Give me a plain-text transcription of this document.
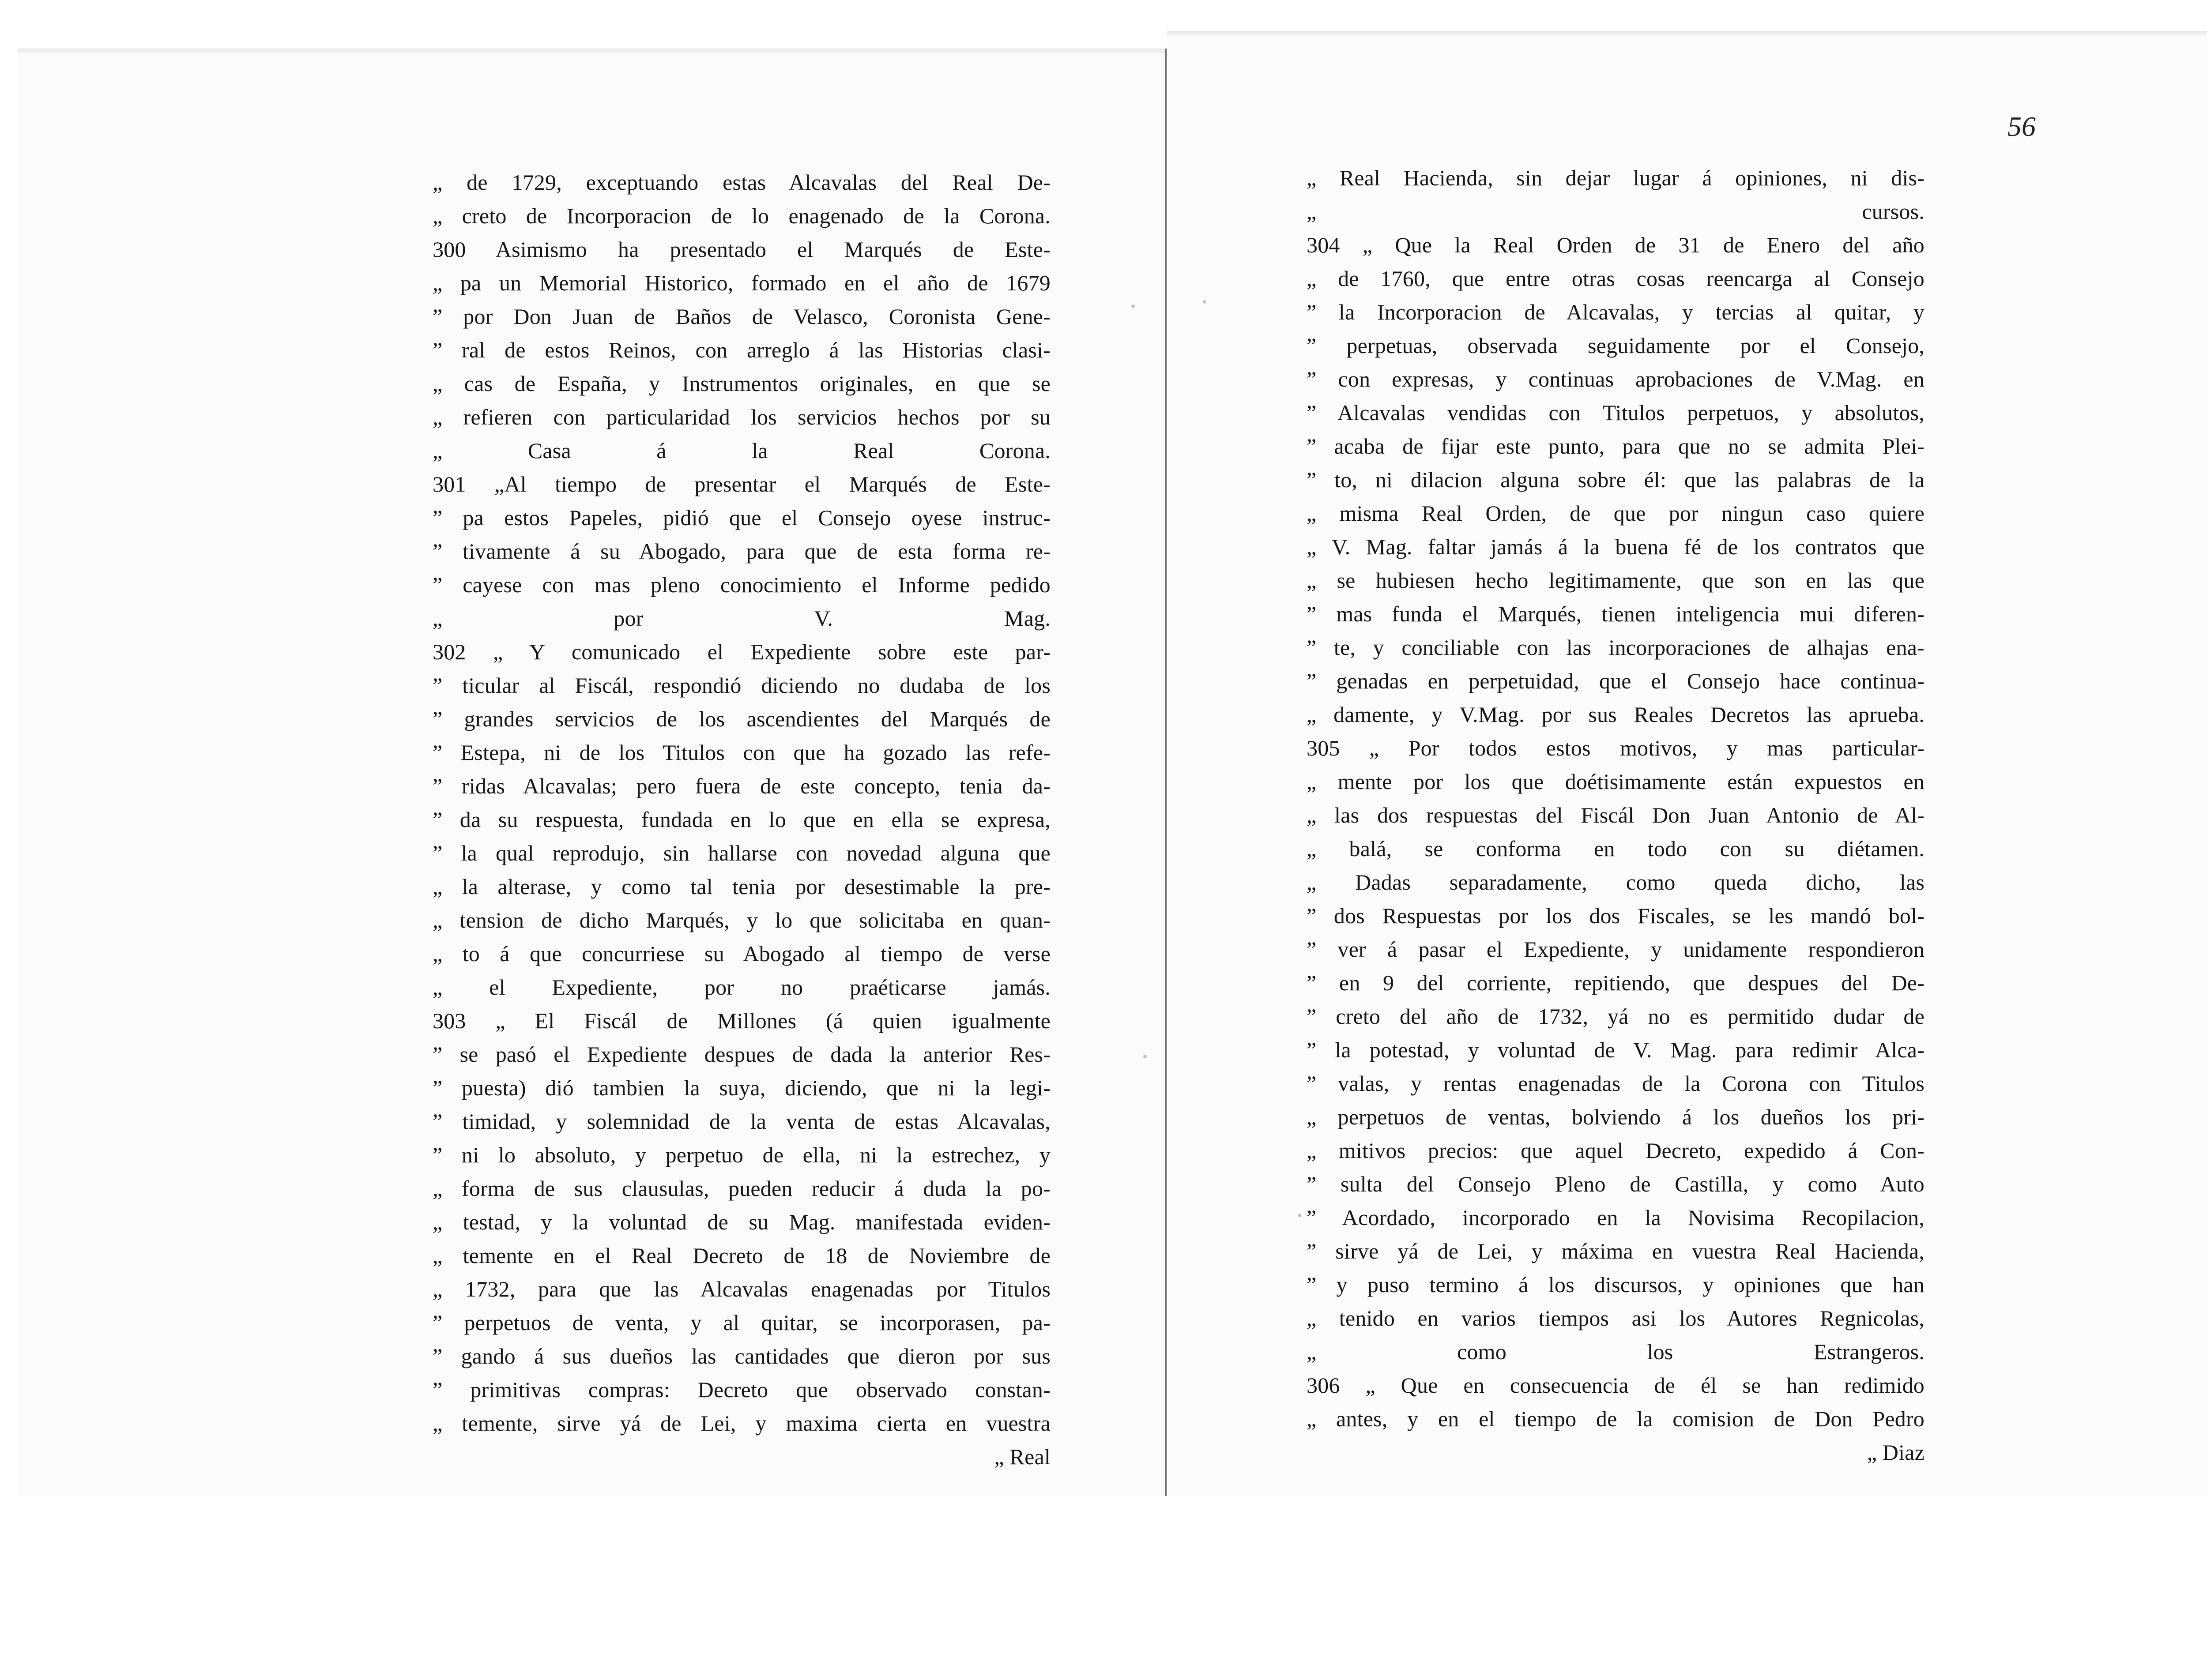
56
„ de 1729, exceptuando estas Alcavalas del Real De-
„ creto de Incorporacion de lo enagenado de la Corona.
300 Asimismo ha presentado el Marqués de Este-
„ pa un Memorial Historico, formado en el año de 1679
” por Don Juan de Baños de Velasco, Coronista Gene-
” ral de estos Reinos, con arreglo á las Historias clasi-
„ cas de España, y Instrumentos originales, en que se
„ refieren con particularidad los servicios hechos por su
„ Casa á la Real Corona.
301 „Al tiempo de presentar el Marqués de Este-
” pa estos Papeles, pidió que el Consejo oyese instruc-
” tivamente á su Abogado, para que de esta forma re-
” cayese con mas pleno conocimiento el Informe pedido
„ por V. Mag.
302 „ Y comunicado el Expediente sobre este par-
” ticular al Fiscál, respondió diciendo no dudaba de los
” grandes servicios de los ascendientes del Marqués de
” Estepa, ni de los Titulos con que ha gozado las refe-
” ridas Alcavalas; pero fuera de este concepto, tenia da-
” da su respuesta, fundada en lo que en ella se expresa,
” la qual reprodujo, sin hallarse con novedad alguna que
„ la alterase, y como tal tenia por desestimable la pre-
„ tension de dicho Marqués, y lo que solicitaba en quan-
„ to á que concurriese su Abogado al tiempo de verse
„ el Expediente, por no praéticarse jamás.
303 „ El Fiscál de Millones (á quien igualmente
” se pasó el Expediente despues de dada la anterior Res-
” puesta) dió tambien la suya, diciendo, que ni la legi-
” timidad, y solemnidad de la venta de estas Alcavalas,
” ni lo absoluto, y perpetuo de ella, ni la estrechez, y
„ forma de sus clausulas, pueden reducir á duda la po-
„ testad, y la voluntad de su Mag. manifestada eviden-
„ temente en el Real Decreto de 18 de Noviembre de
„ 1732, para que las Alcavalas enagenadas por Titulos
” perpetuos de venta, y al quitar, se incorporasen, pa-
” gando á sus dueños las cantidades que dieron por sus
” primitivas compras: Decreto que observado constan-
„ temente, sirve yá de Lei, y maxima cierta en vuestra
„ Real
„ Real Hacienda, sin dejar lugar á opiniones, ni dis-
„ cursos.
304 „ Que la Real Orden de 31 de Enero del año
„ de 1760, que entre otras cosas reencarga al Consejo
” la Incorporacion de Alcavalas, y tercias al quitar, y
” perpetuas, observada seguidamente por el Consejo,
” con expresas, y continuas aprobaciones de V.Mag. en
” Alcavalas vendidas con Titulos perpetuos, y absolutos,
” acaba de fijar este punto, para que no se admita Plei-
” to, ni dilacion alguna sobre él: que las palabras de la
„ misma Real Orden, de que por ningun caso quiere
„ V. Mag. faltar jamás á la buena fé de los contratos que
„ se hubiesen hecho legitimamente, que son en las que
” mas funda el Marqués, tienen inteligencia mui diferen-
” te, y conciliable con las incorporaciones de alhajas ena-
” genadas en perpetuidad, que el Consejo hace continua-
„ damente, y V.Mag. por sus Reales Decretos las aprueba.
305 „ Por todos estos motivos, y mas particular-
„ mente por los que doétisimamente están expuestos en
„ las dos respuestas del Fiscál Don Juan Antonio de Al-
„ balá, se conforma en todo con su diétamen.
„ Dadas separadamente, como queda dicho, las
” dos Respuestas por los dos Fiscales, se les mandó bol-
” ver á pasar el Expediente, y unidamente respondieron
” en 9 del corriente, repitiendo, que despues del De-
” creto del año de 1732, yá no es permitido dudar de
” la potestad, y voluntad de V. Mag. para redimir Alca-
” valas, y rentas enagenadas de la Corona con Titulos
„ perpetuos de ventas, bolviendo á los dueños los pri-
„ mitivos precios: que aquel Decreto, expedido á Con-
” sulta del Consejo Pleno de Castilla, y como Auto
” Acordado, incorporado en la Novisima Recopilacion,
” sirve yá de Lei, y máxima en vuestra Real Hacienda,
” y puso termino á los discursos, y opiniones que han
„ tenido en varios tiempos asi los Autores Regnicolas,
„ como los Estrangeros.
306 „ Que en consecuencia de él se han redimido
„ antes, y en el tiempo de la comision de Don Pedro
„ Diaz
